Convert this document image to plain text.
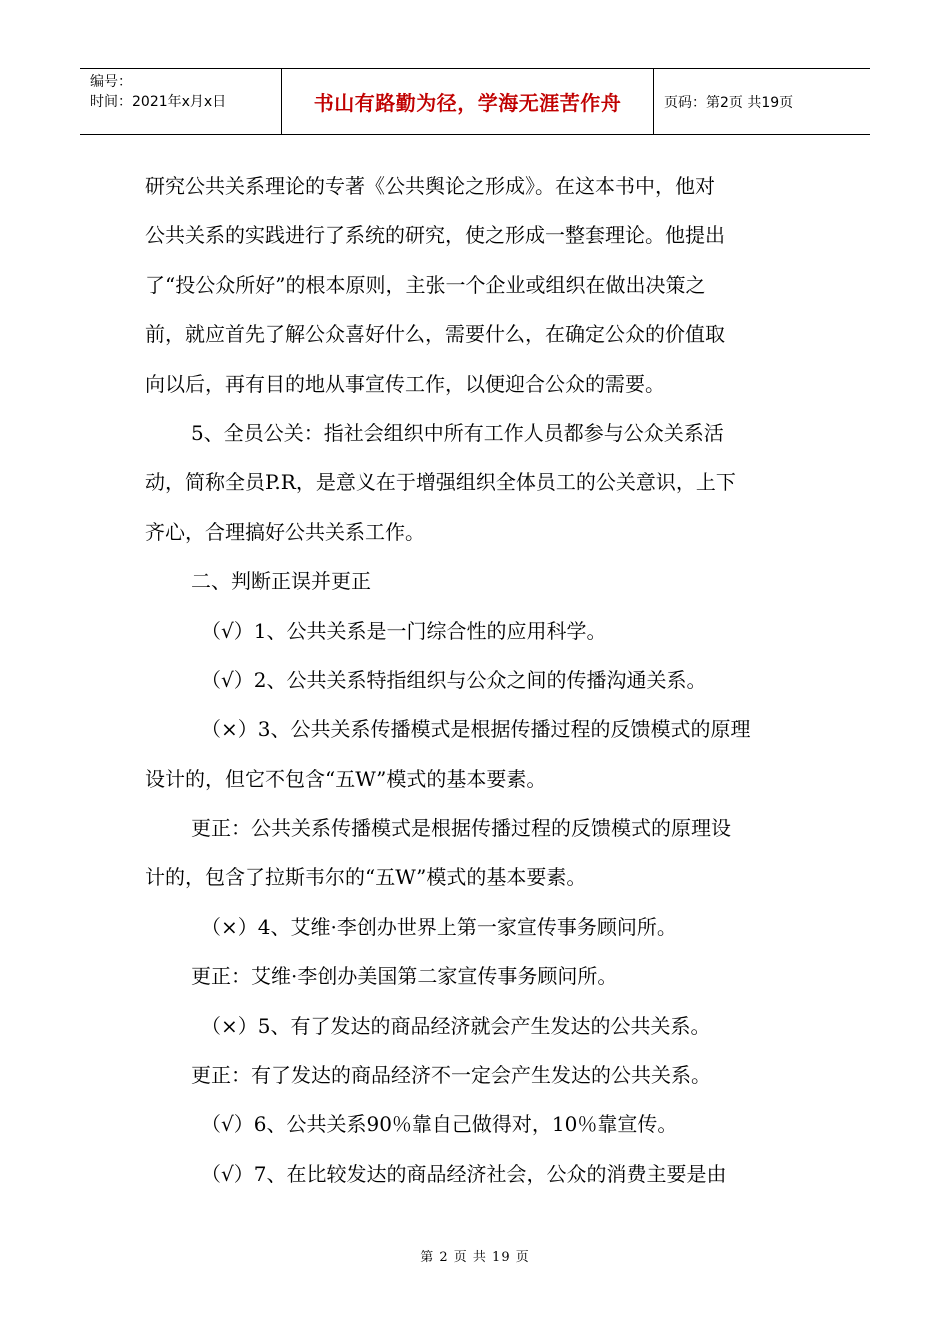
编号：
时间：2021年x月x日	书山有路勤为径，学海无涯苦作舟	页码：第2页 共19页
研究公共关系理论的专著《公共舆论之形成》。在这本书中，他对
公共关系的实践进行了系统的研究，使之形成一整套理论。他提出
了“投公众所好”的根本原则，主张一个企业或组织在做出决策之
前，就应首先了解公众喜好什么，需要什么，在确定公众的价值取
向以后，再有目的地从事宣传工作，以便迎合公众的需要。
5、全员公关：指社会组织中所有工作人员都参与公众关系活
动，简称全员P.R，是意义在于增强组织全体员工的公关意识，上下
齐心，合理搞好公共关系工作。
二、判断正误并更正
（√）1、公共关系是一门综合性的应用科学。
（√）2、公共关系特指组织与公众之间的传播沟通关系。
（×）3、公共关系传播模式是根据传播过程的反馈模式的原理
设计的，但它不包含“五W”模式的基本要素。
更正：公共关系传播模式是根据传播过程的反馈模式的原理设
计的，包含了拉斯韦尔的“五W”模式的基本要素。
（×）4、艾维·李创办世界上第一家宣传事务顾问所。
更正：艾维·李创办美国第二家宣传事务顾问所。
（×）5、有了发达的商品经济就会产生发达的公共关系。
更正：有了发达的商品经济不一定会产生发达的公共关系。
（√）6、公共关系90％靠自己做得对，10％靠宣传。
（√）7、在比较发达的商品经济社会，公众的消费主要是由
第 2 页 共 19 页
